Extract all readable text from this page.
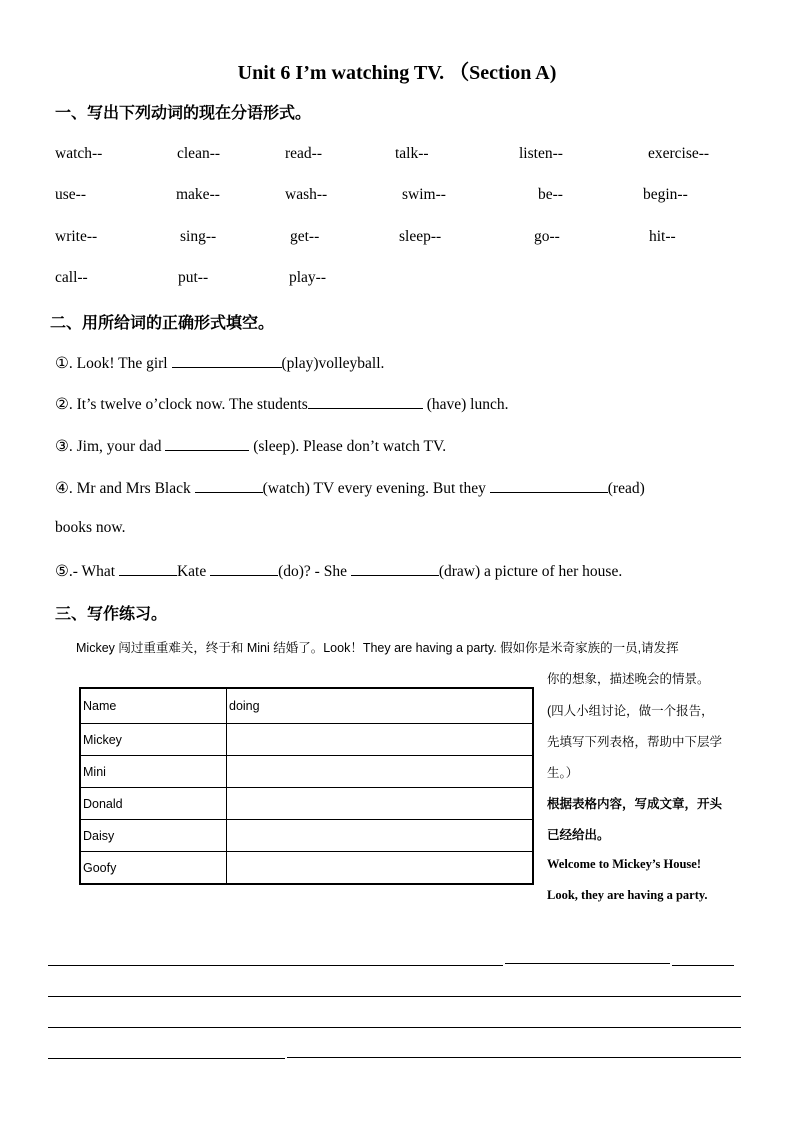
Unit 6 I’m watching TV. （Section A)
一、写出下列动词的现在分语形式。
watch--	clean--	read--	talk--	listen--	exercise--
use--	make--	wash--	swim--	be--	begin--
write--	sing--	get--	sleep--	go--	hit--
call--	put--	play--
二、用所给词的正确形式填空。
①. Look! The girl	(play)volleyball.
②. It’s twelve o’clock now. The students	(have) lunch.
③. Jim, your dad	(sleep). Please don’t watch TV.
④. Mr and Mrs Black	(watch) TV every evening. But they	(read)
books now.
⑤.- What	Kate	(do)? - She	(draw) a picture of her house.
三、写作练习。
Mickey 闯过重重难关，终于和 Mini 结婚了。Look！They are having a party. 假如你是米奇家族的一员,请发挥
你的想象，描述晚会的情景。
(四人小组讨论，做一个报告，
先填写下列表格，帮助中下层学
生。）
根据表格内容，写成文章，开头
已经给出。
Welcome to Mickey’s House!
Look, they are having a party.
Name	doing
Mickey	
Mini	
Donald	
Daisy	
Goofy	
